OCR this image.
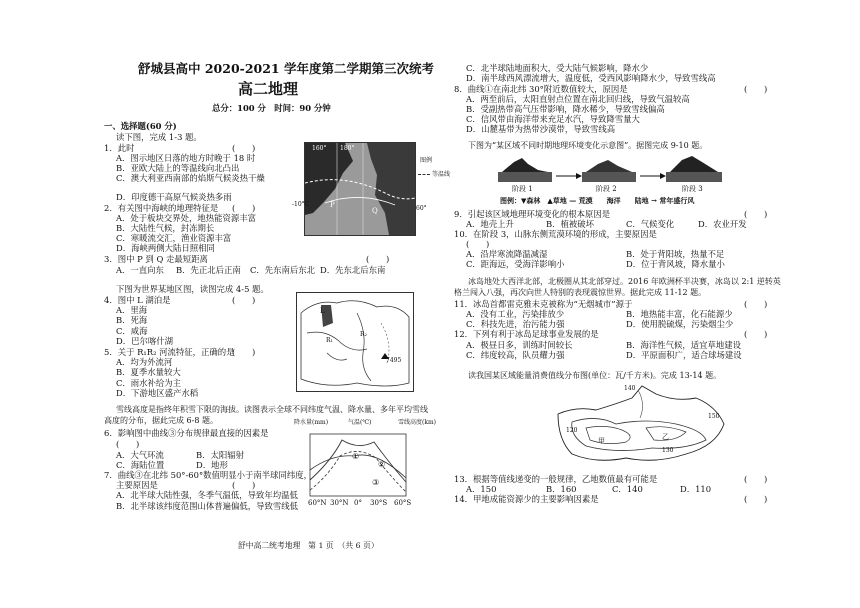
舒城县高中 2020-2021 学年度第二学期第三次统考
高二地理
总分：100 分　时间：90 分钟
一、选择题(60 分)
读下图，完成 1-3 题。
1．此时	(　　)
A．图示地区日落的地方时晚于 18 时
B．亚欧大陆上的等温线向北凸出
C．澳大利亚西南部的焰斯气候炎热干燥
D．印度德干高原气候炎热多雨
2．有关图中海峡的地理特征是 (　　)
A．处于板块交界处，地热能资源丰富
B．大陆性气候，封冻期长
C．寒暖流交汇，渔业资源丰富
D．海峡两侧大陆日照相同
3．图中 P 到 Q 走最短距离	(　　)
A．一直向东 B．先正北后正南 C．先东南后东北 D．先东北后东南
下图为世界某地区图，读图完成 4-5 题。
4．图中 L 湖泊是	(　　)
A．里海
B．死海
C．咸海
D．巴尔喀什湖
5．关于 R₁R₂ 河流特征，正确的是
(　　)
A．均为外流河
B．夏季水量较大
C．雨水补给为主
D．下游地区盛产水稻
雪线高度是指终年积雪下限的海拔。读图表示全球不同纬度气温、降水量、多年平均雪线
高度的分布，据此完成 6-8 题。
6．影响图中曲线③分布规律最直接的因素是
(　　)
A．大气环流	B．太阳辐射
C．海陆位置	D．地形
7．曲线③在北纬 50°-60°数值明显小于南半球同纬度，
主要原因是	(　　)
A．北半球大陆性强，冬季气温低，导致年均温低
B．北半球该纬度范围山体普遍偏低，导致雪线低
160° 180°
-10°C
60°
P
Q
图例
等温线
L
R₁
R₂
7495
降水量(mm)	气温(℃)	雪线高度(km)
①
②
③
60°N 30°N 0° 30°S 60°S
C．北半球陆地面积大，受大陆气候影响，降水少
D．南半球西风漂流增大，温度低，受西风影响降水少，导致雪线高
8．曲线①在南北纬 30°附近数值较大，原因是	(　　)
A．两至前后，太阳直射点位置在南北回归线，导致气温较高
B．受副热带高气压带影响，降水稀少，导致雪线偏高
C．信风带由海洋带来充足水汽，导致降雪量大
D．山麓基带为热带沙漠带，导致雪线高
下图为“某区域不同时期地理环境变化示意图”。据图完成 9-10 题。
阶段 1	阶段 2	阶段 3
图例：▼森林　▲草地 — 荒漠　　海洋　　陆地 → 常年盛行风
9．引起该区域地理环境变化的根本原因是	(　　)
A．地壳上升	B．植被破坏	C．气候变化	D．农业开发
10．在阶段 3，山脉东侧荒漠环境的形成，主要原因是
(　　)
A．沿岸寒流降温减湿	B．处于背阳坡，热量不足
C．距海远，受海洋影响小	D．位于背风坡，降水量小
冰岛地处大西洋北部，北极圈从其北部穿过。2016 年欧洲杯半决赛，冰岛以 2:1 逆转英
格兰闯入八强，再次向世人特别的表现震惊世界。据此完成 11-12 题。
11．冰岛首都雷克雅未克被称为“无烟城市”源于	(　　)
A．没有工业，污染排放少	B．地热能丰富，化石能源少
C．科技先进，治污能力强	D．使用脱硫煤，污染烟尘少
12．下列有利于冰岛足球事业发展的是	(　　)
A．极昼日多，训练时间较长	B．海洋性气候，适宜草地建设
C．纬度较高，队员耀力强	D．平原面积广，适合球场建设
读我国某区域能量消费值线分布图(单位：瓦/千方米)。完成 13-14 题。
140
150
120
130
甲	乙
13．根据等值线递变的一般规律，乙地数值最有可能是	(　　)
A．150	B．160	C．140	D．110
14．甲地成能资源少的主要影响因素是	(　　)
舒中高二统考地理　第 1 页　（共 6 页）
